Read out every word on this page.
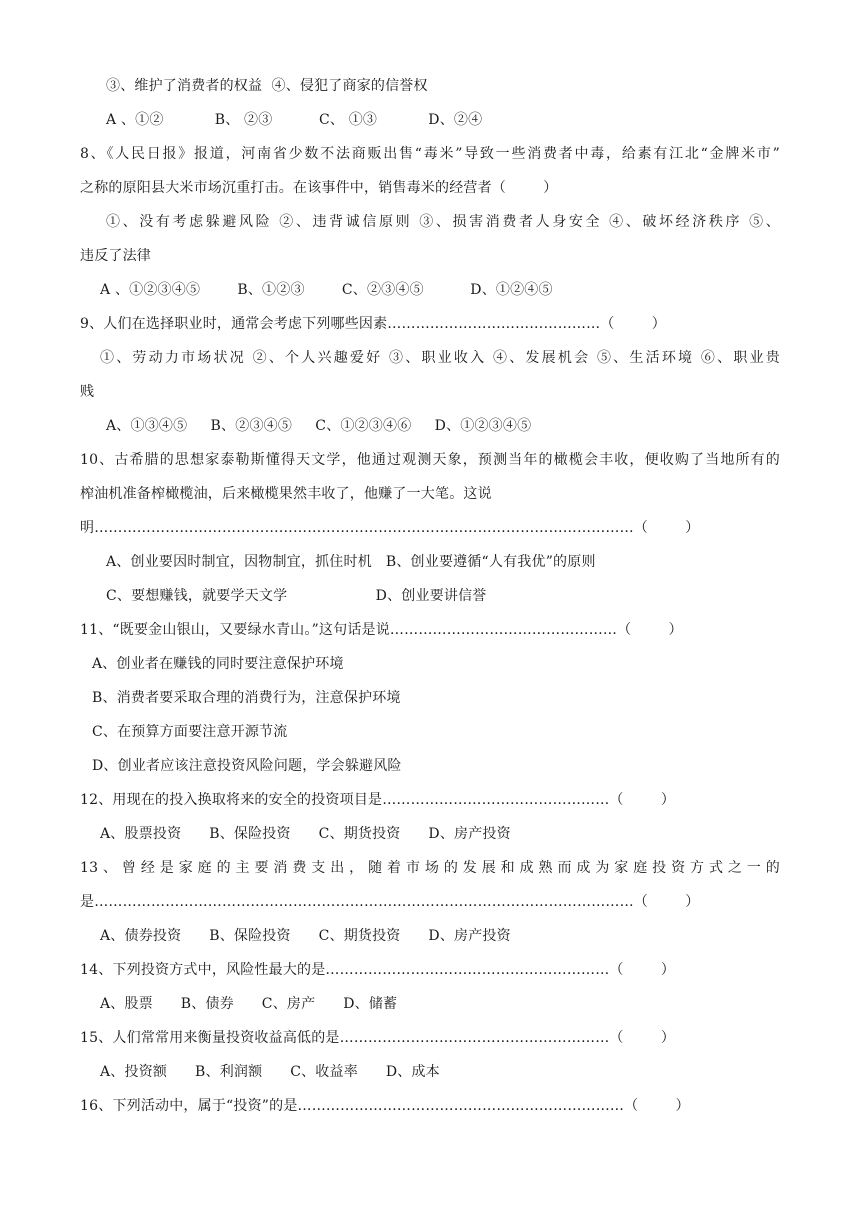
③、维护了消费者的权益  ④、侵犯了商家的信誉权
A 、①②           B、 ②③          C、 ①③           D、②④
8、《人民日报》报道，河南省少数不法商贩出售“毒米”导致一些消费者中毒，给素有江北“金牌米市”
之称的原阳县大米市场沉重打击。在该事件中，销售毒米的经营者（        ）
①、没有考虑躲避风险 ②、违背诚信原则 ③、损害消费者人身安全 ④、破坏经济秩序 ⑤、
违反了法律
A 、①②③④⑤        B、①②③        C、②③④⑤          D、①②④⑤
9、人们在选择职业时，通常会考虑下列哪些因素………………………………………（        ）
①、劳动力市场状况 ②、个人兴趣爱好 ③、职业收入 ④、发展机会 ⑤、生活环境 ⑥、职业贵
贱
A、①③④⑤     B、②③④⑤     C、①②③④⑥     D、①②③④⑤
10、古希腊的思想家泰勒斯懂得天文学，他通过观测天象，预测当年的橄榄会丰收，便收购了当地所有的
榨油机准备榨橄榄油，后来橄榄果然丰收了，他赚了一大笔。这说
明……………………………………………………………………………………………………（        ）
A、创业要因时制宜，因物制宜，抓住时机   B、创业要遵循“人有我优”的原则
C、要想赚钱，就要学天文学                   D、创业要讲信誉
11、“既要金山银山，又要绿水青山。”这句话是说…………………………………………（        ）
A、创业者在赚钱的同时要注意保护环境
B、消费者要采取合理的消费行为，注意保护环境
C、在预算方面要注意开源节流
D、创业者应该注意投资风险问题，学会躲避风险
12、用现在的投入换取将来的安全的投资项目是…………………………………………（        ）
A、股票投资      B、保险投资      C、期货投资      D、房产投资
13、曾经是家庭的主要消费支出，随着市场的发展和成熟而成为家庭投资方式之一的
是……………………………………………………………………………………………………（        ）
A、债券投资      B、保险投资      C、期货投资      D、房产投资
14、下列投资方式中，风险性最大的是……………………………………………………（        ）
A、股票      B、债券      C、房产      D、储蓄
15、人们常常用来衡量投资收益高低的是…………………………………………………（        ）
A、投资额      B、利润额      C、收益率      D、成本
16、下列活动中，属于“投资”的是……………………………………………………………（        ）
